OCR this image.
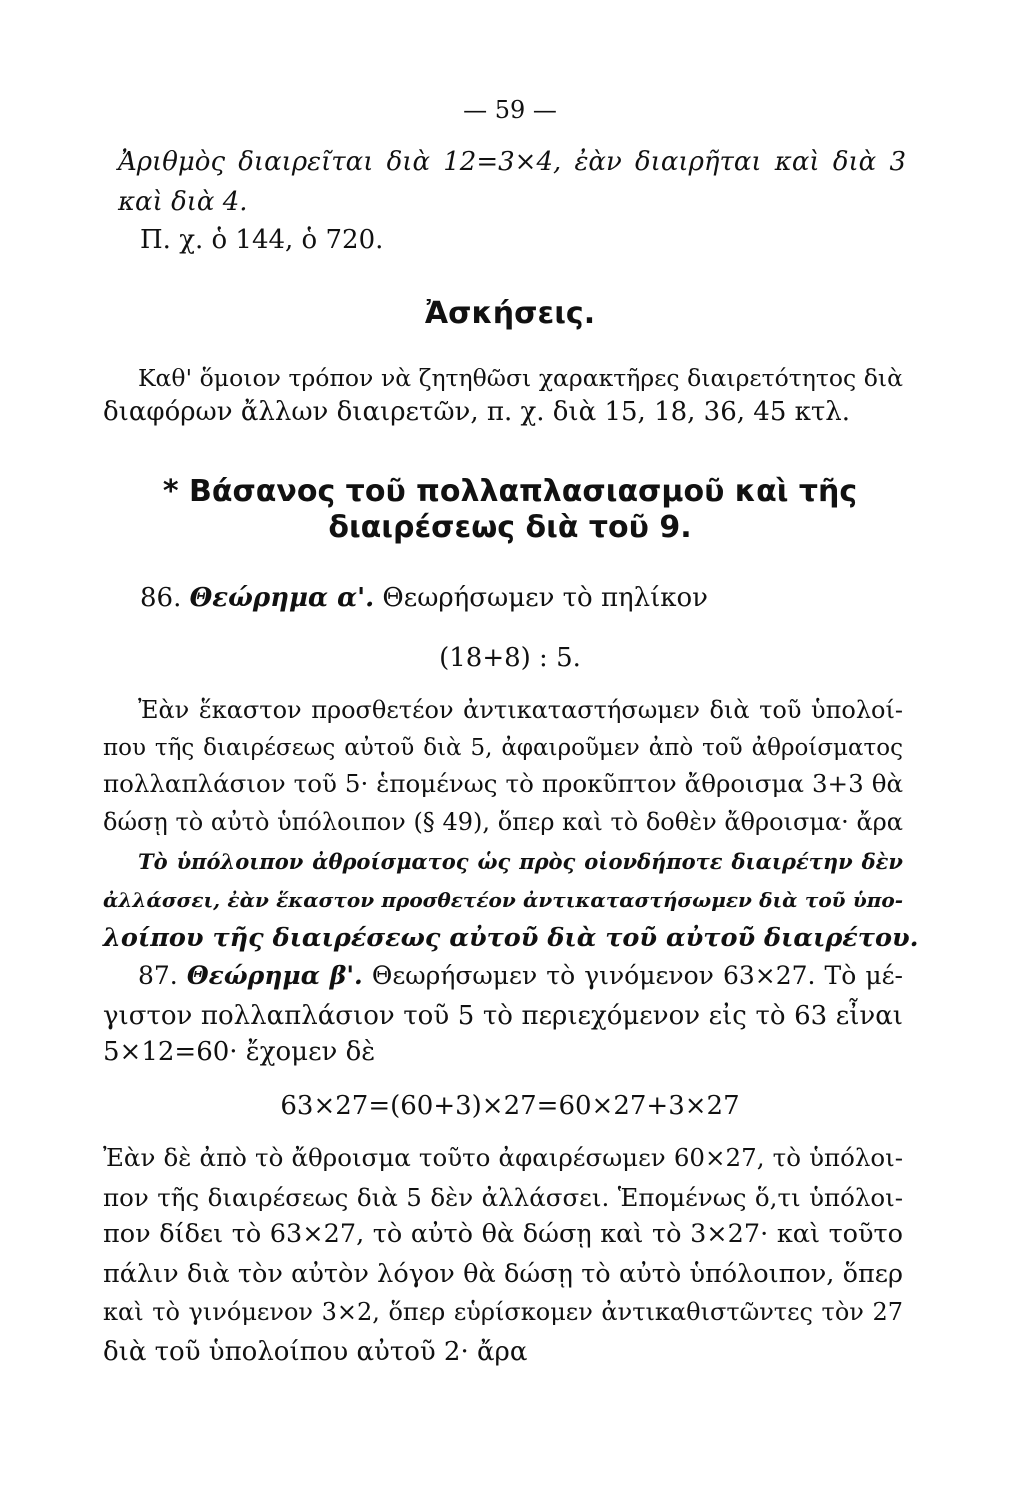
— 59 —
Ἀριθμὸς διαιρεῖται διὰ 12=3×4, ἐὰν διαιρῆται καὶ διὰ 3
καὶ διὰ 4.
Π. χ. ὁ 144, ὁ 720.
Ἀσκήσεις.
Καθ' ὅμοιον τρόπον νὰ ζητηθῶσι χαρακτῆρες διαιρετότητος διὰ
διαφόρων ἄλλων διαιρετῶν, π. χ. διὰ 15, 18, 36, 45 κτλ.
* Βάσανος τοῦ πολλαπλασιασμοῦ καὶ τῆς
διαιρέσεως διὰ τοῦ 9.
86. Θεώρημα α'. Θεωρήσωμεν τὸ πηλίκον
(18+8) : 5.
Ἐὰν ἕκαστον προσθετέον ἀντικαταστήσωμεν διὰ τοῦ ὑπολοί-
που τῆς διαιρέσεως αὐτοῦ διὰ 5, ἀφαιροῦμεν ἀπὸ τοῦ ἀθροίσματος
πολλαπλάσιον τοῦ 5· ἑπομένως τὸ προκῦπτον ἄθροισμα 3+3 θὰ
δώσῃ τὸ αὐτὸ ὑπόλοιπον (§ 49), ὅπερ καὶ τὸ δοθὲν ἄθροισμα· ἄρα
Τὸ ὑπόλοιπον ἀθροίσματος ὡς πρὸς οἱονδήποτε διαιρέτην δὲν
ἀλλάσσει, ἐὰν ἕκαστον προσθετέον ἀντικαταστήσωμεν διὰ τοῦ ὑπο-
λοίπου τῆς διαιρέσεως αὐτοῦ διὰ τοῦ αὐτοῦ διαιρέτου.
87. Θεώρημα β'. Θεωρήσωμεν τὸ γινόμενον 63×27. Τὸ μέ-
γιστον πολλαπλάσιον τοῦ 5 τὸ περιεχόμενον εἰς τὸ 63 εἶναι
5×12=60· ἔχομεν δὲ
63×27=(60+3)×27=60×27+3×27
Ἐὰν δὲ ἀπὸ τὸ ἄθροισμα τοῦτο ἀφαιρέσωμεν 60×27, τὸ ὑπόλοι-
πον τῆς διαιρέσεως διὰ 5 δὲν ἀλλάσσει. Ἑπομένως ὅ,τι ὑπόλοι-
πον δίδει τὸ 63×27, τὸ αὐτὸ θὰ δώσῃ καὶ τὸ 3×27· καὶ τοῦτο
πάλιν διὰ τὸν αὐτὸν λόγον θὰ δώσῃ τὸ αὐτὸ ὑπόλοιπον, ὅπερ
καὶ τὸ γινόμενον 3×2, ὅπερ εὑρίσκομεν ἀντικαθιστῶντες τὸν 27
διὰ τοῦ ὑπολοίπου αὐτοῦ 2· ἄρα
